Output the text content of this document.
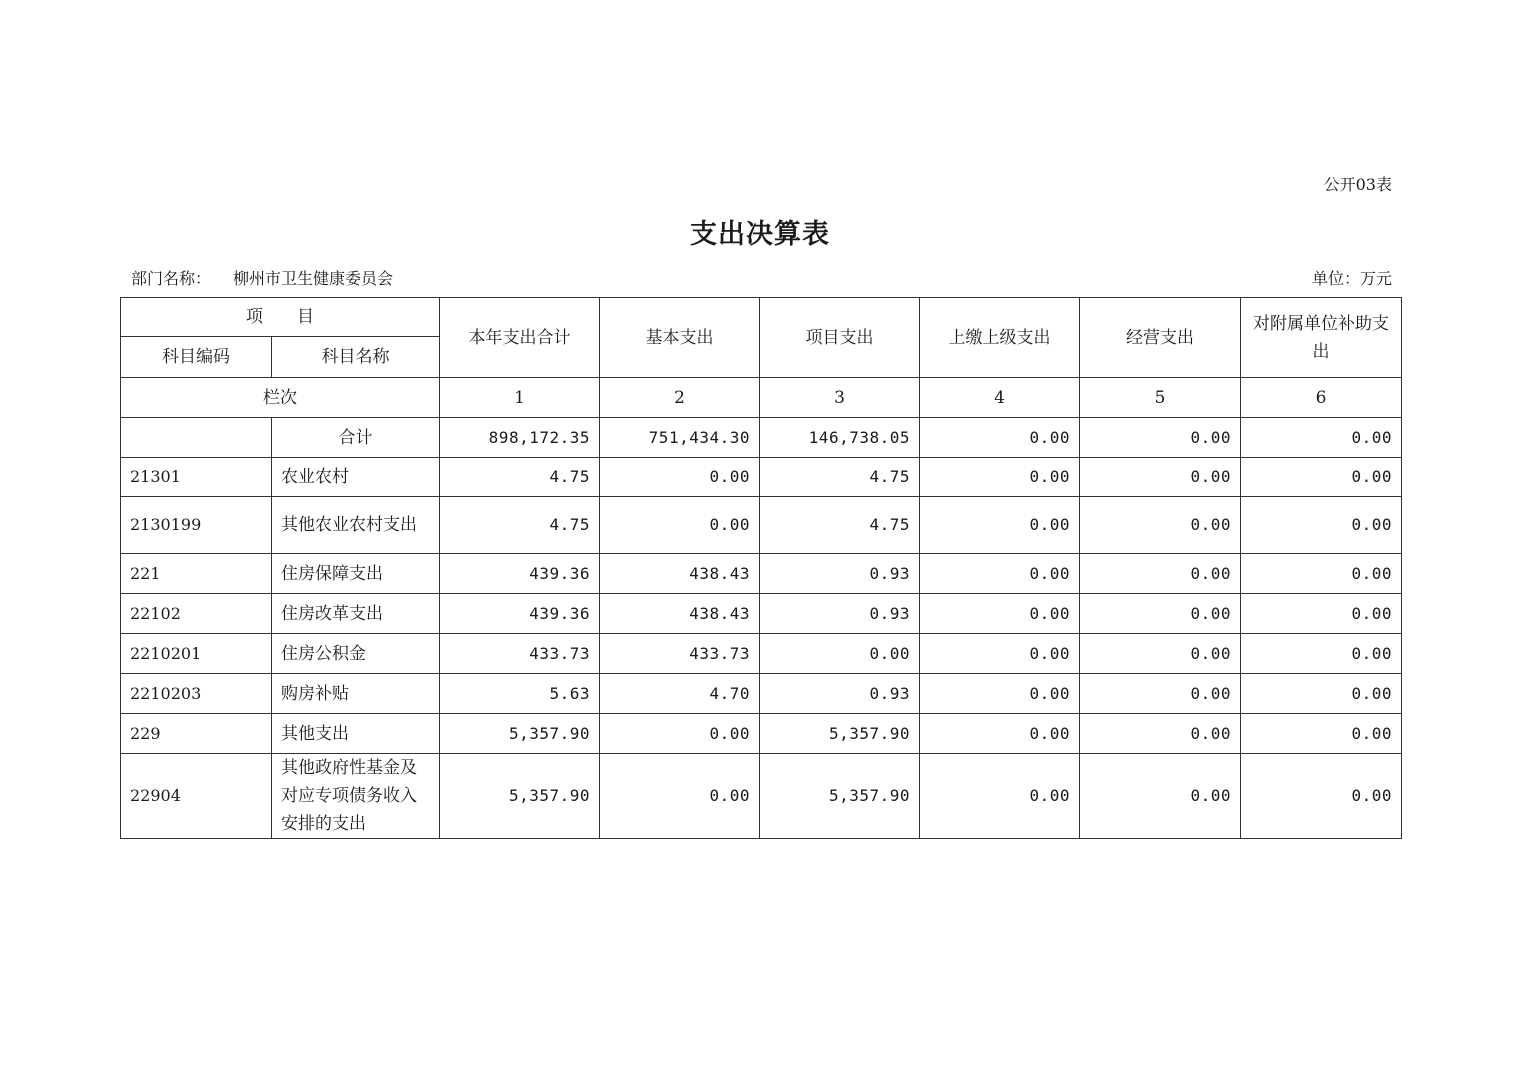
公开03表
支出决算表
部门名称： 柳州市卫生健康委员会	单位：万元
项　　目		本年支出合计	基本支出	项目支出	上缴上级支出	经营支出	对附属单位补助支出
科目编码	科目名称						
栏次		1	2	3	4	5	6
	合计	898,172.35	751,434.30	146,738.05	0.00	0.00	0.00
21301	农业农村	4.75	0.00	4.75	0.00	0.00	0.00
2130199	其他农业农村支出	4.75	0.00	4.75	0.00	0.00	0.00
221	住房保障支出	439.36	438.43	0.93	0.00	0.00	0.00
22102	住房改革支出	439.36	438.43	0.93	0.00	0.00	0.00
2210201	住房公积金	433.73	433.73	0.00	0.00	0.00	0.00
2210203	购房补贴	5.63	4.70	0.93	0.00	0.00	0.00
229	其他支出	5,357.90	0.00	5,357.90	0.00	0.00	0.00
22904	其他政府性基金及对应专项债务收入安排的支出	5,357.90	0.00	5,357.90	0.00	0.00	0.00
